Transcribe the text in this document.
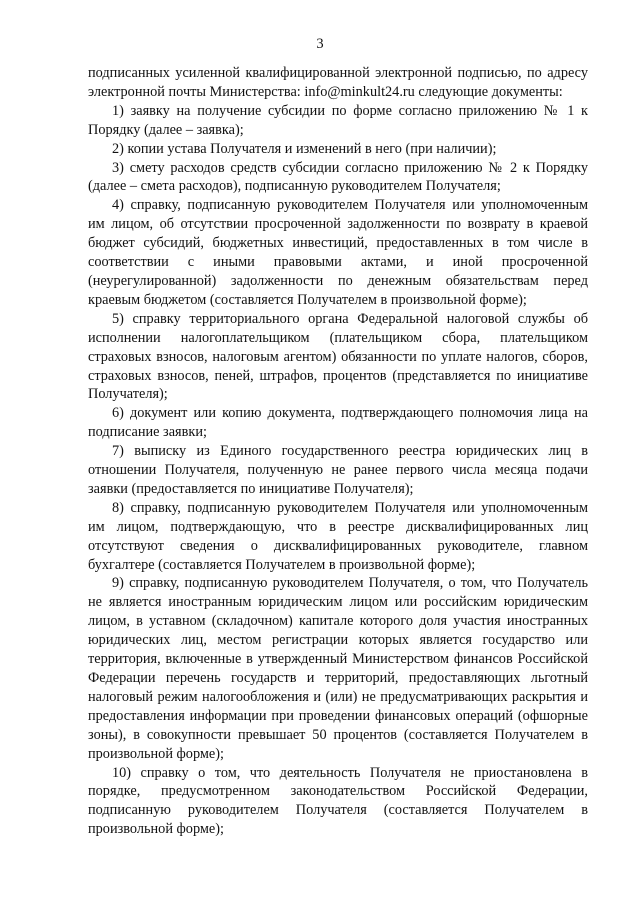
3

подписанных усиленной квалифицированной электронной подписью, по адресу электронной почты Министерства: info@minkult24.ru следующие документы:

1) заявку на получение субсидии по форме согласно приложению № 1 к Порядку (далее – заявка);

2) копии устава Получателя и изменений в него (при наличии);

3) смету расходов средств субсидии согласно приложению № 2 к Порядку (далее – смета расходов), подписанную руководителем Получателя;

4) справку, подписанную руководителем Получателя или уполномоченным им лицом, об отсутствии просроченной задолженности по возврату в краевой бюджет субсидий, бюджетных инвестиций, предоставленных в том числе в соответствии с иными правовыми актами, и иной просроченной (неурегулированной) задолженности по денежным обязательствам перед краевым бюджетом (составляется Получателем в произвольной форме);

5) справку территориального органа Федеральной налоговой службы об исполнении налогоплательщиком (плательщиком сбора, плательщиком страховых взносов, налоговым агентом) обязанности по уплате налогов, сборов, страховых взносов, пеней, штрафов, процентов (представляется по инициативе Получателя);

6) документ или копию документа, подтверждающего полномочия лица на подписание заявки;

7) выписку из Единого государственного реестра юридических лиц в отношении Получателя, полученную не ранее первого числа месяца подачи заявки (предоставляется по инициативе Получателя);

8) справку, подписанную руководителем Получателя или уполномоченным им лицом, подтверждающую, что в реестре дисквалифицированных лиц отсутствуют сведения о дисквалифицированных руководителе, главном бухгалтере (составляется Получателем в произвольной форме);

9) справку, подписанную руководителем Получателя, о том, что Получатель не является иностранным юридическим лицом или российским юридическим лицом, в уставном (складочном) капитале которого доля участия иностранных юридических лиц, местом регистрации которых является государство или территория, включенные в утвержденный Министерством финансов Российской Федерации перечень государств и территорий, предоставляющих льготный налоговый режим налогообложения и (или) не предусматривающих раскрытия и предоставления информации при проведении финансовых операций (офшорные зоны), в совокупности превышает 50 процентов (составляется Получателем в произвольной форме);

10) справку о том, что деятельность Получателя не приостановлена в порядке, предусмотренном законодательством Российской Федерации, подписанную руководителем Получателя (составляется Получателем в произвольной форме);
